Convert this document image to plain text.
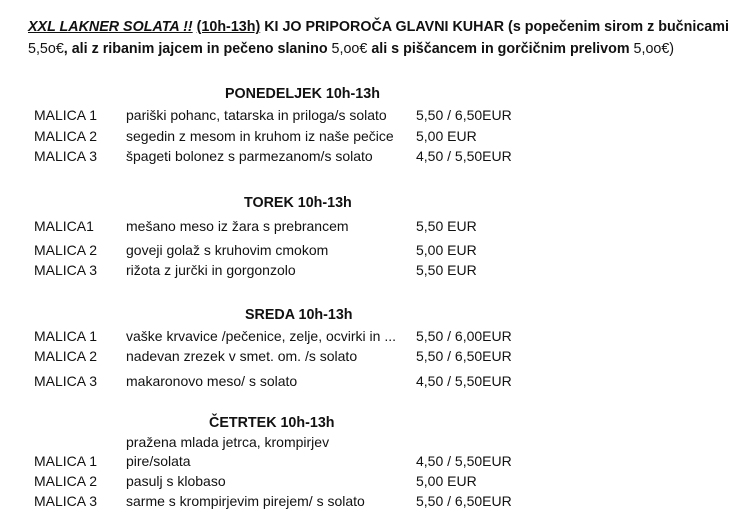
XXL LAKNER SOLATA !! (10h-13h) KI JO PRIPOROČA GLAVNI KUHAR (s popečenim sirom z bučnicami
5,5o€, ali z ribanim jajcem in pečeno slanino 5,oo€ ali s piščancem in gorčičnim prelivom 5,oo€)
PONEDELJEK 10h-13h
MALICA 1 pariški pohanc, tatarska in priloga/s solato 5,50 / 6,50EUR
MALICA 2 segedin z mesom in kruhom iz naše pečice 5,00 EUR
MALICA 3 špageti bolonez s parmezanom/s solato	4,50 / 5,50EUR
TOREK 10h-13h
MALICA1 mešano meso iz žara s prebrancem	5,50 EUR
MALICA 2 goveji golaž s kruhovim cmokom	5,00 EUR
MALICA 3 rižota z jurčki in gorgonzolo	5,50 EUR
SREDA 10h-13h
MALICA 1 vaške krvavice /pečenice, zelje, ocvirki in ... 5,50 / 6,00EUR
MALICA 2 nadevan zrezek v smet. om. /s solato	5,50 / 6,50EUR
MALICA 3 makaronovo meso/ s solato	4,50 / 5,50EUR
ČETRTEK 10h-13h
pražena mlada jetrca, krompirjev
MALICA 1 pire/solata	4,50 / 5,50EUR
MALICA 2 pasulj s klobaso	5,00 EUR
MALICA 3 sarme s krompirjevim pirejem/ s solato	5,50 / 6,50EUR
